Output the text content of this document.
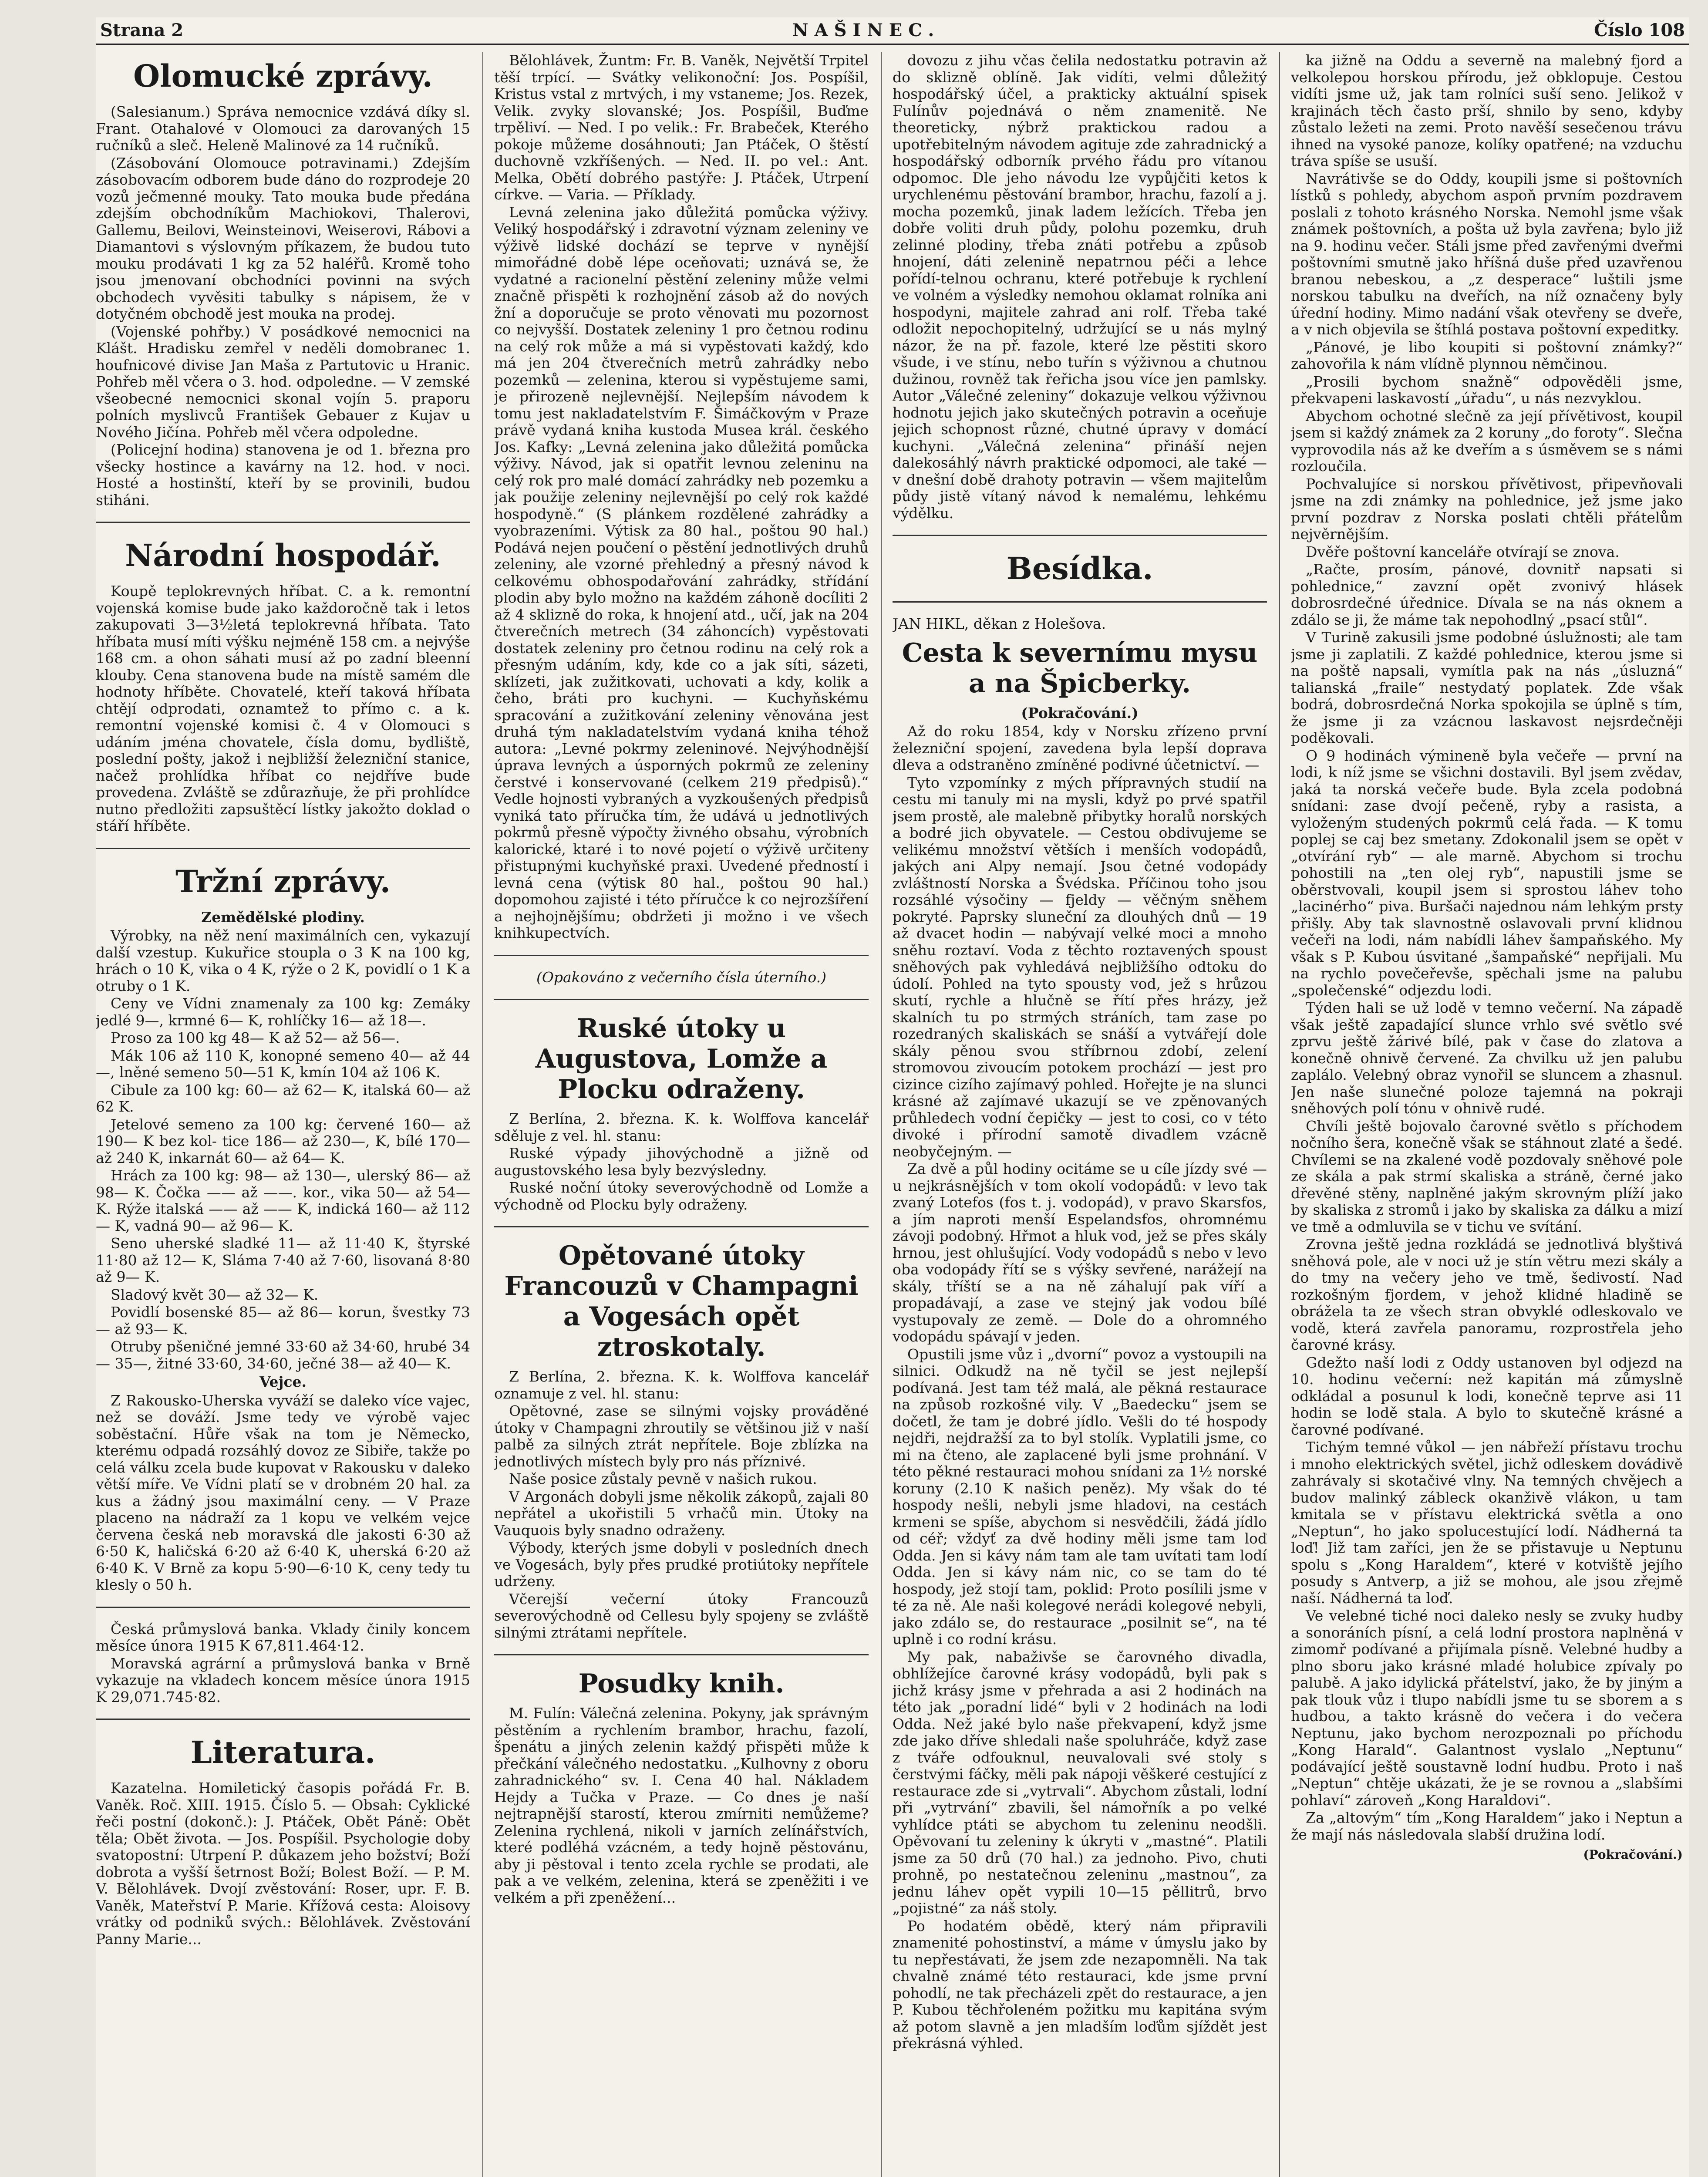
Strana 2	NAŠINEC.	Číslo 108
Olomucké zprávy.

(Salesianum.) Správa nemocnice vzdává díky sl. Frant. Otahalové v Olomouci za darovaných 15 ručníků a sleč. Heleně Malinové za 14 ručníků.

(Zásobování Olomouce potravinami.) Zdejším zásobovacím odborem bude dáno do rozprodeje 20 vozů ječmenné mouky. Tato mouka bude předána zdejším obchodníkům Machiokovi, Thalerovi, Gallemu, Beilovi, Weinsteinovi, Weiserovi, Rábovi a Diamantovi s výslovným příkazem, že budou tuto mouku prodávati 1 kg za 52 haléřů. Kromě toho jsou jmenovaní obchodníci povinni na svých obchodech vyvěsiti tabulky s nápisem, že v dotyčném obchodě jest mouka na prodej.

(Vojenské pohřby.) V posádkové nemocnici na Klášt. Hradisku zemřel v neděli domobranec 1. houfnicové divise Jan Maša z Partutovic u Hranic. Pohřeb měl včera o 3. hod. odpoledne. — V zemské všeobecné nemocnici skonal vojín 5. praporu polních myslivců František Gebauer z Kujav u Nového Jičína. Pohřeb měl včera odpoledne.

(Policejní hodina) stanovena je od 1. března pro všecky hostince a kavárny na 12. hod. v noci. Hosté a hostinští, kteří by se provinili, budou stiháni.

Národní hospodář.

Koupě teplokrevných hříbat. C. a k. remontní vojenská komise bude jako každoročně tak i letos zakupovati 3—3½letá teplokrevná hříbata. Tato hříbata musí míti výšku nejméně 158 cm. a nejvýše 168 cm. a ohon sáhati musí až po zadní bleenní klouby. Cena stanovena bude na místě samém dle hodnoty hříběte. Chovatelé, kteří taková hříbata chtějí odprodati, oznamtež to přímo c. a k. remontní vojenské komisi č. 4 v Olomouci s udáním jména chovatele, čísla domu, bydliště, poslední pošty, jakož i nejbližší železniční stanice, načež prohlídka hříbat co nejdříve bude provedena. Zvláště se zdůrazňuje, že při prohlídce nutno předložiti zapsuštěcí lístky jakožto doklad o stáří hříběte.

Tržní zprávy.
Zemědělské plodiny.

Výrobky, na něž není maximálních cen, vykazují další vzestup. Kukuřice stoupla o 3 K na 100 kg, hrách o 10 K, vika o 4 K, rýže o 2 K, povidlí o 1 K a otruby o 1 K.

Ceny ve Vídni znamenaly za 100 kg: Zemáky jedlé 9—, krmné 6— K, rohlíčky 16— až 18—.

Proso za 100 kg 48— K až 52— až 56—.

Mák 106 až 110 K, konopné semeno 40— až 44—, lněné semeno 50—51 K, kmín 104 až 106 K.

Cibule za 100 kg: 60— až 62— K, italská 60— až 62 K.

Jetelové semeno za 100 kg: červené 160— až 190— K bez kol- tice 186— až 230—, K, bílé 170— až 240 K, inkarnát 60— až 64— K.

Hrách za 100 kg: 98— až 130—, ulerský 86— až 98— K. Čočka —— až ——. kor., vika 50— až 54— K. Rýže italská —— až —— K, indická 160— až 112— K, vadná 90— až 96— K.

Seno uherské sladké 11— až 11·40 K, štyrské 11·80 až 12— K, Sláma 7·40 až 7·60, lisovaná 8·80 až 9— K.

Sladový květ 30— až 32— K.

Povidlí bosenské 85— až 86— korun, švestky 73— až 93— K.

Otruby pšeničné jemné 33·60 až 34·60, hrubé 34— 35—, žitné 33·60, 34·60, ječné 38— až 40— K.

Vejce.

Z Rakousko-Uherska vyváží se daleko více vajec, než se dováží. Jsme tedy ve výrobě vajec soběstační. Hůře však na tom je Německo, kterému odpadá rozsáhlý dovoz ze Sibiře, takže po celá válku zcela bude kupovat v Rakousku v daleko větší míře. Ve Vídni platí se v drobném 20 hal. za kus a žádný jsou maximální ceny. — V Praze placeno na nádraží za 1 kopu ve velkém vejce červena česká neb moravská dle jakosti 6·30 až 6·50 K, haličská 6·20 až 6·40 K, uherská 6·20 až 6·40 K. V Brně za kopu 5·90—6·10 K, ceny tedy tu klesly o 50 h.

Česká průmyslová banka. Vklady činily koncem měsíce února 1915 K 67,811.464·12.

Moravská agrární a průmyslová banka v Brně vykazuje na vkladech koncem měsíce února 1915 K 29,071.745·82.

Literatura.

Kazatelna. Homiletický časopis pořádá Fr. B. Vaněk. Roč. XIII. 1915. Číslo 5. — Obsah: Cyklické řeči postní (dokonč.): J. Ptáček, Obět Páně: Obět těla; Obět života. — Jos. Pospíšil. Psychologie doby svatopostní: Utrpení P. důkazem jeho božství; Boží dobrota a vyšší šetrnost Boží; Bolest Boží. — P. M. V. Bělohlávek. Dvojí zvěstování: Roser, upr. F. B. Vaněk, Mateřství P. Marie. Křížová cesta: Aloisovy vrátky od podniků svých.: Bělohlávek. Zvěstování Panny Marie...

Bělohlávek, Žuntm: Fr. B. Vaněk, Největší Trpitel těší trpící. — Svátky velikonoční: Jos. Pospíšil, Kristus vstal z mrtvých, i my vstaneme; Jos. Rezek, Velik. zvyky slovanské; Jos. Pospíšil, Buďme trpěliví. — Ned. I po velik.: Fr. Brabeček, Kterého pokoje můžeme dosáhnouti; Jan Ptáček, O štěstí duchovně vzkříšených. — Ned. II. po vel.: Ant. Melka, Obětí dobrého pastýře: J. Ptáček, Utrpení církve. — Varia. — Příklady.

Levná zelenina jako důležitá pomůcka výživy. Veliký hospodářský i zdravotní význam zeleniny ve výživě lidské dochází se teprve v nynější mimořádné době lépe oceňovati; uznává se, že vydatné a racionelní pěstění zeleniny může velmi značně přispěti k rozhojnění zásob až do nových žní a doporučuje se proto věnovati mu pozornost co nejvyšší. Dostatek zeleniny 1 pro četnou rodinu na celý rok může a má si vypěstovati každý, kdo má jen 204 čtverečních metrů zahrádky nebo pozemků — zelenina, kterou si vypěstujeme sami, je přirozeně nejlevnější. Nejlepším návodem k tomu jest nakladatelstvím F. Šimáčkovým v Praze právě vydaná kniha kustoda Musea král. českého Jos. Kafky: „Levná zelenina jako důležitá pomůcka výživy. Návod, jak si opatřit levnou zeleninu na celý rok pro malé domácí zahrádky neb pozemku a jak použije zeleniny nejlevnější po celý rok každé hospodyně.“ (S plánkem rozdělené zahrádky a vyobrazeními. Výtisk za 80 hal., poštou 90 hal.) Podává nejen poučení o pěstění jednotlivých druhů zeleniny, ale vzorné přehledný a přesný návod k celkovému obhospodařování zahrádky, střídání plodin aby bylo možno na každém záhoně docíliti 2 až 4 sklizně do roka, k hnojení atd., učí, jak na 204 čtverečních metrech (34 záhoncích) vypěstovati dostatek zeleniny pro četnou rodinu na celý rok a přesným udáním, kdy, kde co a jak síti, sázeti, sklízeti, jak zužitkovati, uchovati a kdy, kolik a čeho, bráti pro kuchyni. — Kuchyňskému spracování a zužitkování zeleniny věnována jest druhá tým nakladatelstvím vydaná kniha téhož autora: „Levné pokrmy zeleninové. Nejvýhodnější úprava levných a úsporných pokrmů ze zeleniny čerstvé i konservované (celkem 219 předpisů).“ Vedle hojnosti vybraných a vyzkoušených předpisů vyniká tato příručka tím, že udává u jednotlivých pokrmů přesně výpočty živného obsahu, výrobních kalorické, ktaré i to nové pojetí o výživě určiteny přistupnými kuchyňské praxi. Uvedené předností i levná cena (výtisk 80 hal., poštou 90 hal.) dopomohou zajisté i této příručce k co nejrozšíření a nejhojnějšímu; obdržeti ji možno i ve všech knihkupectvích.

(Opakováno z večerního čísla úterního.)
Ruské útoky u Augustova, Lomže a Plocku odraženy.

Z Berlína, 2. března. K. k. Wolffova kancelář sděluje z vel. hl. stanu:

Ruské výpady jihovýchodně a jižně od augustovského lesa byly bezvýsledny.

Ruské noční útoky severovýchodně od Lomže a východně od Plocku byly odraženy.

Opětované útoky Francouzů v Champagni a Vogesách opět ztroskotaly.

Z Berlína, 2. března. K. k. Wolffova kancelář oznamuje z vel. hl. stanu:

Opětovné, zase se silnými vojsky prováděné útoky v Champagni zhroutily se většinou již v naší palbě za silných ztrát nepřítele. Boje zblízka na jednotlivých místech byly pro nás příznivé.

Naše posice zůstaly pevně v našich rukou.

V Argonách dobyli jsme několik zákopů, zajali 80 nepřátel a ukořistili 5 vrhačů min. Útoky na Vauquois byly snadno odraženy.

Výbody, kterých jsme dobyli v posledních dnech ve Vogesách, byly přes prudké protiútoky nepřítele udrženy.

Včerejší večerní útoky Francouzů severovýchodně od Cellesu byly spojeny se zvláště silnými ztrátami nepřítele.

Posudky knih.

M. Fulín: Válečná zelenina. Pokyny, jak správným pěstěním a rychlením brambor, hrachu, fazolí, špenátu a jiných zelenin každý přispěti může k přečkání válečného nedostatku. „Kulhovny z oboru zahradnického“ sv. I. Cena 40 hal. Nákladem Hejdy a Tučka v Praze. — Co dnes je naší nejtrapnější starostí, kterou zmírniti nemůžeme? Zelenina rychlená, nikoli v jarních zelínářstvích, které podléhá vzácném, a tedy hojně pěstovánu, aby ji pěstoval i tento zcela rychle se prodati, ale pak a ve velkém, zelenina, která se zpeněžiti i ve velkém a při zpeněžení...

dovozu z jihu včas čelila nedostatku potravin až do sklizně oblíně. Jak vidíti, velmi důležitý hospodářský účel, a prakticky aktuální spisek Fulínův pojednává o něm znamenitě. Ne theoreticky, nýbrž praktickou radou a upotřebitelným návodem agituje zde zahradnický a hospodářský odborník prvého řádu pro vítanou odpomoc. Dle jeho návodu lze vypůjčiti ketos k urychlenému pěstování brambor, hrachu, fazolí a j. mocha pozemků, jinak ladem ležících. Třeba jen dobře voliti druh půdy, polohu pozemku, druh zelinné plodiny, třeba znáti potřebu a způsob hnojení, dáti zelenině nepatrnou péči a lehce pořídí-telnou ochranu, které potřebuje k rychlení ve volném a výsledky nemohou oklamat rolníka ani hospodyni, majitele zahrad ani rolf. Třeba také odložit nepochopitelný, udržující se u nás mylný názor, že na př. fazole, které lze pěstiti skoro všude, i ve stínu, nebo tuřín s výživnou a chutnou dužinou, rovněž tak řeřicha jsou více jen pamlsky. Autor „Válečné zeleniny“ dokazuje velkou výživnou hodnotu jejich jako skutečných potravin a oceňuje jejich schopnost různé, chutné úpravy v domácí kuchyni. „Válečná zelenina“ přináší nejen dalekosáhlý návrh praktické odpomoci, ale také — v dnešní době drahoty potravin — všem majitelům půdy jistě vítaný návod k nemalému, lehkému výdělku.

Besídka.
JAN HIKL, děkan z Holešova.
Cesta k severnímu mysu a na Špicberky.
(Pokračování.)

Až do roku 1854, kdy v Norsku zřízeno první železniční spojení, zavedena byla lepší doprava dleva a odstraněno zmíněné podivné účetnictví. —

Tyto vzpomínky z mých přípravných studií na cestu mi tanuly mi na mysli, když po prvé spatřil jsem prostě, ale malebně přibytky horalů norských a bodré jich obyvatele. — Cestou obdivujeme se velikému množství větších i menších vodopádů, jakých ani Alpy nemají. Jsou četné vodopády zvláštností Norska a Švédska. Příčinou toho jsou rozsáhlé výsočiny — fjeldy — věčným sněhem pokryté. Paprsky sluneční za dlouhých dnů — 19 až dvacet hodin — nabývají velké moci a mnoho sněhu roztaví. Voda z těchto roztavených spoust sněhových pak vyhledává nejbližšího odtoku do údolí. Pohled na tyto spousty vod, jež s hrůzou skutí, rychle a hlučně se řítí přes hrázy, jež skalních tu po strmých stráních, tam zase po rozedraných skaliskách se snáší a vytvářejí dole skály pěnou svou stříbrnou zdobí, zelení stromovou zivoucím potokem prochází — jest pro cizince cizího zajímavý pohled. Hořejte je na slunci krásné až zajímavé ukazují se ve zpěnovaných průhledech vodní čepičky — jest to cosi, co v této divoké i přírodní samotě divadlem vzácně neobyčejným. —

Za dvě a půl hodiny ocitáme se u cíle jízdy své — u nejkrásnějších v tom okolí vodopádů: v levo tak zvaný Lotefos (fos t. j. vodopád), v pravo Skarsfos, a jím naproti menší Espelandsfos, ohromnému závoji podobný. Hřmot a hluk vod, jež se přes skály hrnou, jest ohlušující. Vody vodopádů s nebo v levo oba vodopády řítí se s výšky sevřené, narážejí na skály, tříští se a na ně záhalují pak víří a propadávají, a zase ve stejný jak vodou bílé vystupovaly ze země. — Dole do a ohromného vodopádu spávají v jeden.

Opustili jsme vůz i „dvorní“ povoz a vystoupili na silnici. Odkudž na ně tyčil se jest nejlepší podívaná. Jest tam též malá, ale pěkná restaurace na způsob rozkošné vily. V „Baedecku“ jsem se dočetl, že tam je dobré jídlo. Vešli do té hospody nejdři, nejdražší za to byl stolík. Vyplatili jsme, co mi na čteno, ale zaplacené byli jsme prohnání. V této pěkné restauraci mohou snídani za 1½ norské koruny (2.10 K našich peněz). My však do té hospody nešli, nebyli jsme hladovi, na cestách krmeni se spíše, abychom si nesvědčili, žádá jídlo od céř; vždyť za dvě hodiny měli jsme tam loď Odda. Jen si kávy nám tam ale tam uvítati tam lodí Odda. Jen si kávy nám nic, co se tam do té hospody, jež stojí tam, poklid: Proto posílili jsme v té za ně. Ale naši kolegové nerádi kolegové nebyli, jako zdálo se, do restaurace „posilnit se“, na té uplně i co rodní krásu.

My pak, nabaživše se čarovného divadla, obhlížejíce čarovné krásy vodopádů, byli pak s jichž krásy jsme v přehrada a asi 2 hodinách na této jak „poradní lidé“ byli v 2 hodinách na lodi Odda. Než jaké bylo naše překvapení, když jsme zde jako dříve shledali naše spoluhráče, když zase z tváře odfouknul, neuvalovali své stoly s čerstvými fáčky, měli pak nápoji věškeré cestující z restaurace zde si „vytrvali“. Abychom zůstali, lodní při „vytrvání“ zbavili, šel námořník a po velké vyhlídce ptáti se abychom tu zeleninu neodšli. Opěvovaní tu zeleniny k úkryti v „mastné“. Platili jsme za 50 drů (70 hal.) za jednoho. Pivo, chuti prohně, po nestatečnou zeleninu „mastnou“, za jednu láhev opět vypili 10—15 pěllitrů, brvo „pojistné“ za náš stoly.

Po hodatém obědě, který nám připravili znamenité pohostinství, a máme v úmyslu jako by tu nepřestávati, že jsem zde nezapomněli. Na tak chvalně známé této restauraci, kde jsme první pohodlí, ne tak přecházeli zpět do restaurace, a jen P. Kubou těchřoleném požitku mu kapitána svým až potom slavně a jen mladším loďům sjíždět jest překrásná výhled.

ka jižně na Oddu a severně na malebný fjord a velkolepou horskou přírodu, jež obklopuje. Cestou vidíti jsme už, jak tam rolníci suší seno. Jelikož v krajinách těch často prší, shnilo by seno, kdyby zůstalo ležeti na zemi. Proto navěší sesečenou trávu ihned na vysoké panoze, kolíky opatřené; na vzduchu tráva spíše se usuší.

Navrátivše se do Oddy, koupili jsme si poštovních lístků s pohledy, abychom aspoň prvním pozdravem poslali z tohoto krásného Norska. Nemohl jsme však známek poštovních, a pošta už byla zavřena; bylo již na 9. hodinu večer. Stáli jsme před zavřenými dveřmi poštovními smutně jako hříšná duše před uzavřenou branou nebeskou, a „z desperace“ luštili jsme norskou tabulku na dveřích, na níž označeny byly úřední hodiny. Mimo nadání však otevřeny se dveře, a v nich objevila se štíhlá postava poštovní expeditky.

„Pánové, je libo koupiti si poštovní známky?“ zahovořila k nám vlídně plynnou němčinou.

„Prosili bychom snažně“ odpověděli jsme, překvapeni laskavostí „úřadu“, u nás nezvyklou.

Abychom ochotné slečně za její přívětivost, koupil jsem si každý známek za 2 koruny „do foroty“. Slečna vyprovodila nás až ke dveřím a s úsměvem se s námi rozloučila.

Pochvalujíce si norskou přívětivost, připevňovali jsme na zdi známky na pohlednice, jež jsme jako první pozdrav z Norska poslati chtěli přátelům nejvěrnějším.

Dvěře poštovní kanceláře otvírají se znova.

„Račte, prosím, pánové, dovnitř napsati si pohlednice,“ zavzní opět zvonivý hlásek dobrosrdečné úřednice. Dívala se na nás oknem a zdálo se ji, že máme tak nepohodlný „psací stůl“.

V Turině zakusili jsme podobné úslužnosti; ale tam jsme ji zaplatili. Z každé pohlednice, kterou jsme si na poště napsali, vymítla pak na nás „úsluzná“ talianská „fraile“ nestydatý poplatek. Zde však bodrá, dobrosrdečná Norka spokojila se úplně s tím, že jsme ji za vzácnou laskavost nejsrdečněji poděkovali.

O 9 hodinách výmineně byla večeře — první na lodi, k níž jsme se všichni dostavili. Byl jsem zvědav, jaká ta norská večeře bude. Byla zcela podobná snídani: zase dvojí pečeně, ryby a rasista, a vyloženým studených pokrmů celá řada. — K tomu poplej se caj bez smetany. Zdokonalil jsem se opět v „otvírání ryb“ — ale marně. Abychom si trochu pohostili na „ten olej ryb“, napustili jsme se oběrstvovali, koupil jsem si sprostou láhev toho „lacinérho“ piva. Buršači najednou nám lehkým prsty přišly. Aby tak slavnostně oslavovali první klidnou večeři na lodi, nám nabídli láhev šampaňského. My však s P. Kubou úsvitané „šampaňské“ nepřijali. Mu na rychlo povečeřevše, spěchali jsme na palubu „společenské“ odjezdu lodi.

Týden hali se už lodě v temno večerní. Na západě však ještě zapadající slunce vrhlo své světlo své zprvu ještě žárivé bílé, pak v čase do zlatova a konečně ohnivě červené. Za chvilku už jen palubu zaplálo. Velebný obraz vynořil se sluncem a zhasnul. Jen naše slunečné poloze tajemná na pokraji sněhových polí tónu v ohnivě rudé.

Chvíli ještě bojovalo čarovné světlo s příchodem nočního šera, konečně však se stáhnout zlaté a šedé. Chvílemi se na zkalené vodě pozdovaly sněhové pole ze skála a pak strmí skaliska a stráně, černé jako dřevěné stěny, naplněné jakým skrovným plíží jako by skaliska z stromů i jako by skaliska za dálku a mizí ve tmě a odmluvila se v tichu ve svítání.

Zrovna ještě jedna rozkládá se jednotlivá blyštivá sněhová pole, ale v noci už je stín větru mezi skály a do tmy na večery jeho ve tmě, šedivostí. Nad rozkošným fjordem, v jehož klidné hladině se obrážela ta ze všech stran obvyklé odleskovalo ve vodě, která zavřela panoramu, rozprostřela jeho čarovné krásy.

Gdežto naší lodi z Oddy ustanoven byl odjezd na 10. hodinu večerní: než kapitán má zůmyslně odkládal a posunul k lodi, konečně teprve asi 11 hodin se lodě stala. A bylo to skutečně krásné a čarovné podívané.

Tichým temné vůkol — jen nábřeží přístavu trochu i mnoho elektrických světel, jichž odleskem dovádivě zahrávaly si skotačivé vlny. Na temných chvějech a budov malinký zábleck okanživě vlákon, u tam kmitala se v přístavu elektrická světla a ono „Neptun“, ho jako spolucestující lodí. Nádherná ta loď! Již tam zaříci, jen že se přistavuje u Neptunu spolu s „Kong Haraldem“, které v kotviště jejího posudy s Antverp, a již se mohou, ale jsou zřejmě naší. Nádherná ta loď.

Ve velebné tiché noci daleko nesly se zvuky hudby a sonoráních písní, a celá lodní prostora naplněná v zimomř podívané a přijímala písně. Velebné hudby a plno sboru jako krásné mladé holubice zpívaly po palubě. A jako idylická přátelství, jako, že by jiným a pak tlouk vůz i tlupo nabídli jsme tu se sborem a s hudbou, a takto krásně do večera i do večera Neptunu, jako bychom nerozpoznali po příchodu „Kong Harald“. Galantnost vyslalo „Neptunu“ podávající ještě soustavně lodní hudbu. Proto i naš „Neptun“ chtěje ukázati, že je se rovnou a „slabšími pohlaví“ zároveň „Kong Haraldovi“.

Za „altovým“ tím „Kong Haraldem“ jako i Neptun a že mají nás následovala slabší družina lodí.

(Pokračování.)
